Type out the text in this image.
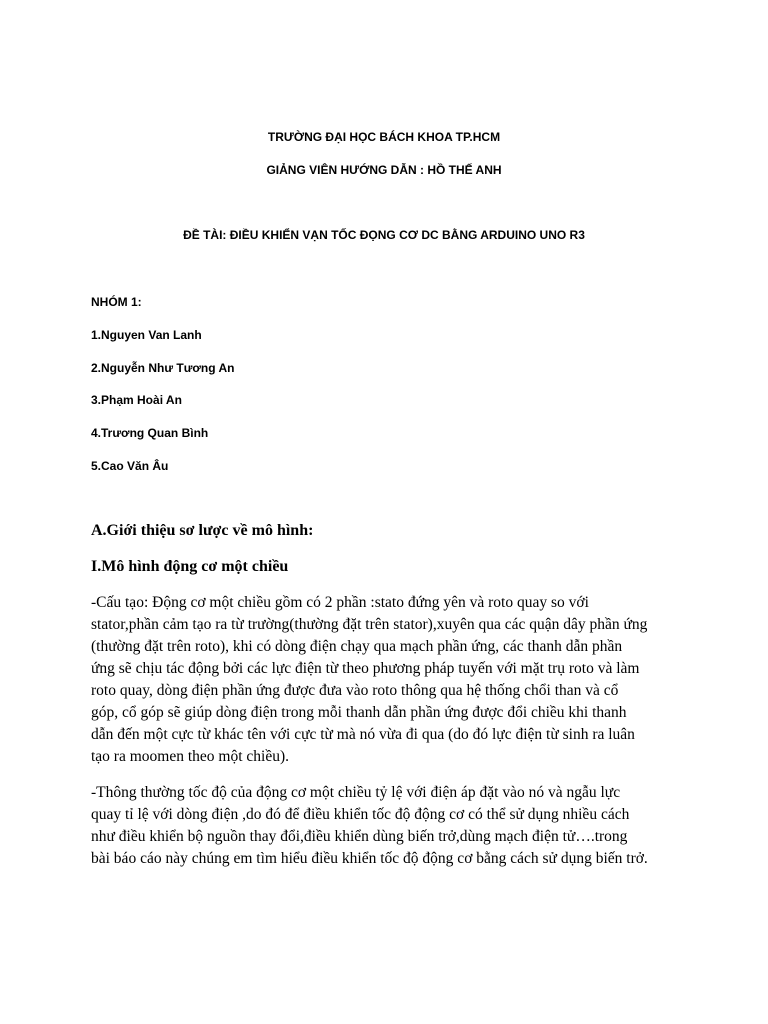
TRƯỜNG ĐẠI HỌC BÁCH KHOA TP.HCM
GIẢNG VIÊN HƯỚNG DẪN : HỒ THẾ ANH
ĐỀ TÀI: ĐIỀU KHIỂN VẠN TỐC ĐỌNG CƠ DC BẰNG ARDUINO UNO R3
NHÓM 1:
1.Nguyen Van Lanh
2.Nguyễn Như Tương An
3.Phạm Hoài An
4.Trương Quan Bình
5.Cao Văn Âu
A.Giới thiệu sơ lược về mô hình:
I.Mô hình động cơ một chiều
-Cấu tạo: Động cơ một chiều gồm có 2 phần :stato đứng yên và roto quay so với
stator,phần cảm tạo ra từ trường(thường đặt trên stator),xuyên qua các quận dây phần ứng
(thường đặt trên roto), khi có dòng điện chạy qua mạch phần ứng, các thanh dẫn phần
ứng sẽ chịu tác động bởi các lực điện từ theo phương pháp tuyến với mặt trụ roto và làm
roto quay, dòng điện phần ứng được đưa vào roto thông qua hệ thống chổi than và cổ
góp, cổ góp sẽ giúp dòng điện trong mỗi thanh dẫn phần ứng được đổi chiều khi thanh
dẫn đến một cực từ khác tên với cực từ mà nó vừa đi qua (do đó lực điện từ sinh ra luân
tạo ra moomen theo một chiều).
-Thông thường tốc độ của động cơ một chiều tỷ lệ với điện áp đặt vào nó và ngẫu lực
quay tỉ lệ với dòng điện ,do đó để điều khiển tốc độ động cơ có thể sử dụng nhiều cách
như điều khiển bộ nguồn thay đổi,điều khiển dùng biến trở,dùng mạch điện tử….trong
bài báo cáo này chúng em tìm hiểu điều khiển tốc độ động cơ bằng cách sử dụng biến trở.
